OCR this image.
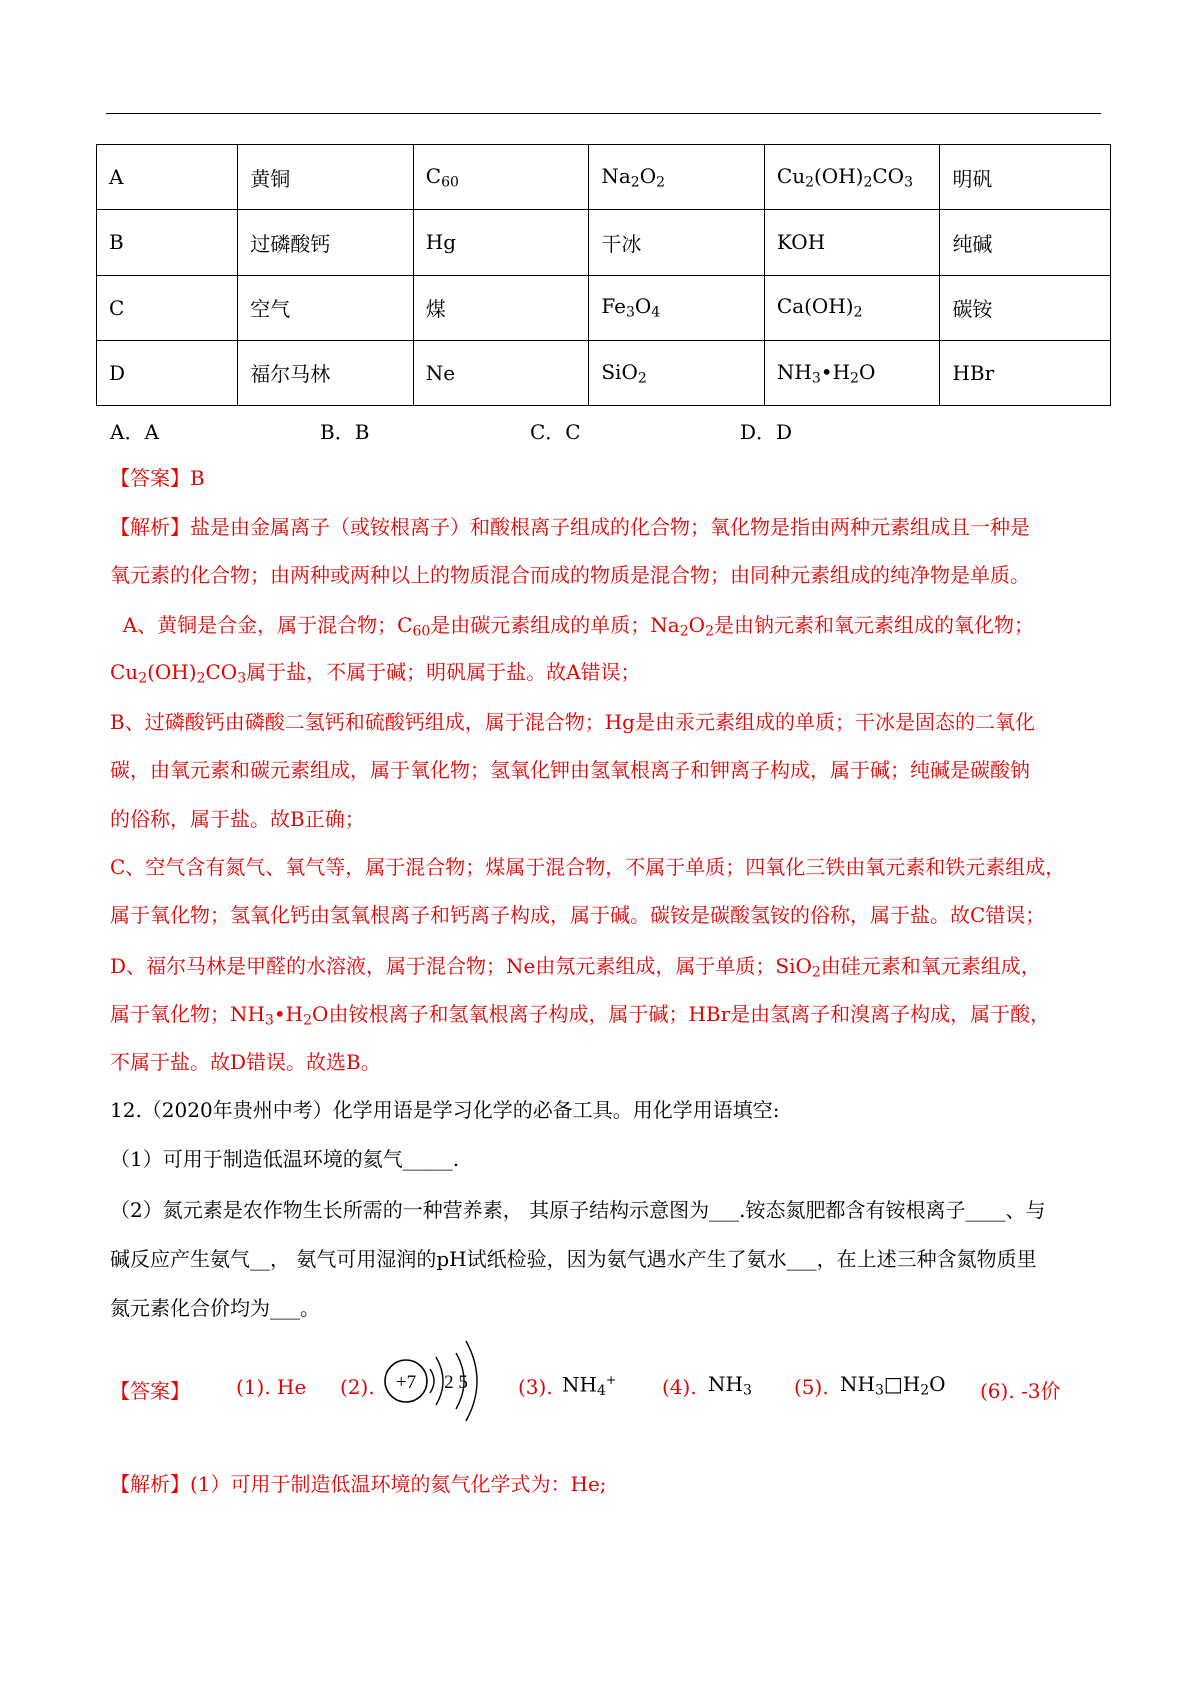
A	黄铜	$C_{60}$	$Na_2O_2$	$Cu_2(OH)_2CO_3$	明矾
B	过磷酸钙	Hg	干冰	KOH	纯碱
C	空气	煤	$Fe_3O_4$	$Ca(OH)_2$	碳铵
D	福尔马林	Ne	SiO$_2$	$NH_3•H_2O$	HBr
A．A	B．B	C．C	D．D
【答案】B
【解析】盐是由金属离子（或铵根离子）和酸根离子组成的化合物；氧化物是指由两种元素组成且一种是
氧元素的化合物；由两种或两种以上的物质混合而成的物质是混合物；由同种元素组成的纯净物是单质。
A、黄铜是合金，属于混合物；$C_{60}$是由碳元素组成的单质；$Na_2O_2$是由钠元素和氧元素组成的氧化物；
$Cu_2(OH)_2CO_3$属于盐，不属于碱；明矾属于盐。故A错误；
B、过磷酸钙由磷酸二氢钙和硫酸钙组成，属于混合物；Hg是由汞元素组成的单质；干冰是固态的二氧化
碳，由氧元素和碳元素组成，属于氧化物；氢氧化钾由氢氧根离子和钾离子构成，属于碱；纯碱是碳酸钠
的俗称，属于盐。故B正确；
C、空气含有氮气、氧气等，属于混合物；煤属于混合物，不属于单质；四氧化三铁由氧元素和铁元素组成，
属于氧化物；氢氧化钙由氢氧根离子和钙离子构成，属于碱。碳铵是碳酸氢铵的俗称，属于盐。故C错误；
D、福尔马林是甲醛的水溶液，属于混合物；Ne由氖元素组成，属于单质；SiO$_2$由硅元素和氧元素组成，
属于氧化物；$NH_3•H_2O$由铵根离子和氢氧根离子构成，属于碱；HBr是由氢离子和溴离子构成，属于酸，
不属于盐。故D错误。故选B。
12.（2020年贵州中考）化学用语是学习化学的必备工具。用化学用语填空:
（1）可用于制造低温环境的氦气_____.
（2）氮元素是农作物生长所需的一种营养素， 其原子结构示意图为___.铵态氮肥都含有铵根离子____、与
碱反应产生氨气__， 氨气可用湿润的pH试纸检验，因为氨气遇水产生了氨水___，在上述三种含氮物质里
氮元素化合价均为___。
【答案】 (1). He (2). +7 2 5	(3). $NH_4^+$ (4). $NH_3$ (5). $NH_3□H_2O$ (6). -3价
【解析】(1）可用于制造低温环境的氦气化学式为：He;
